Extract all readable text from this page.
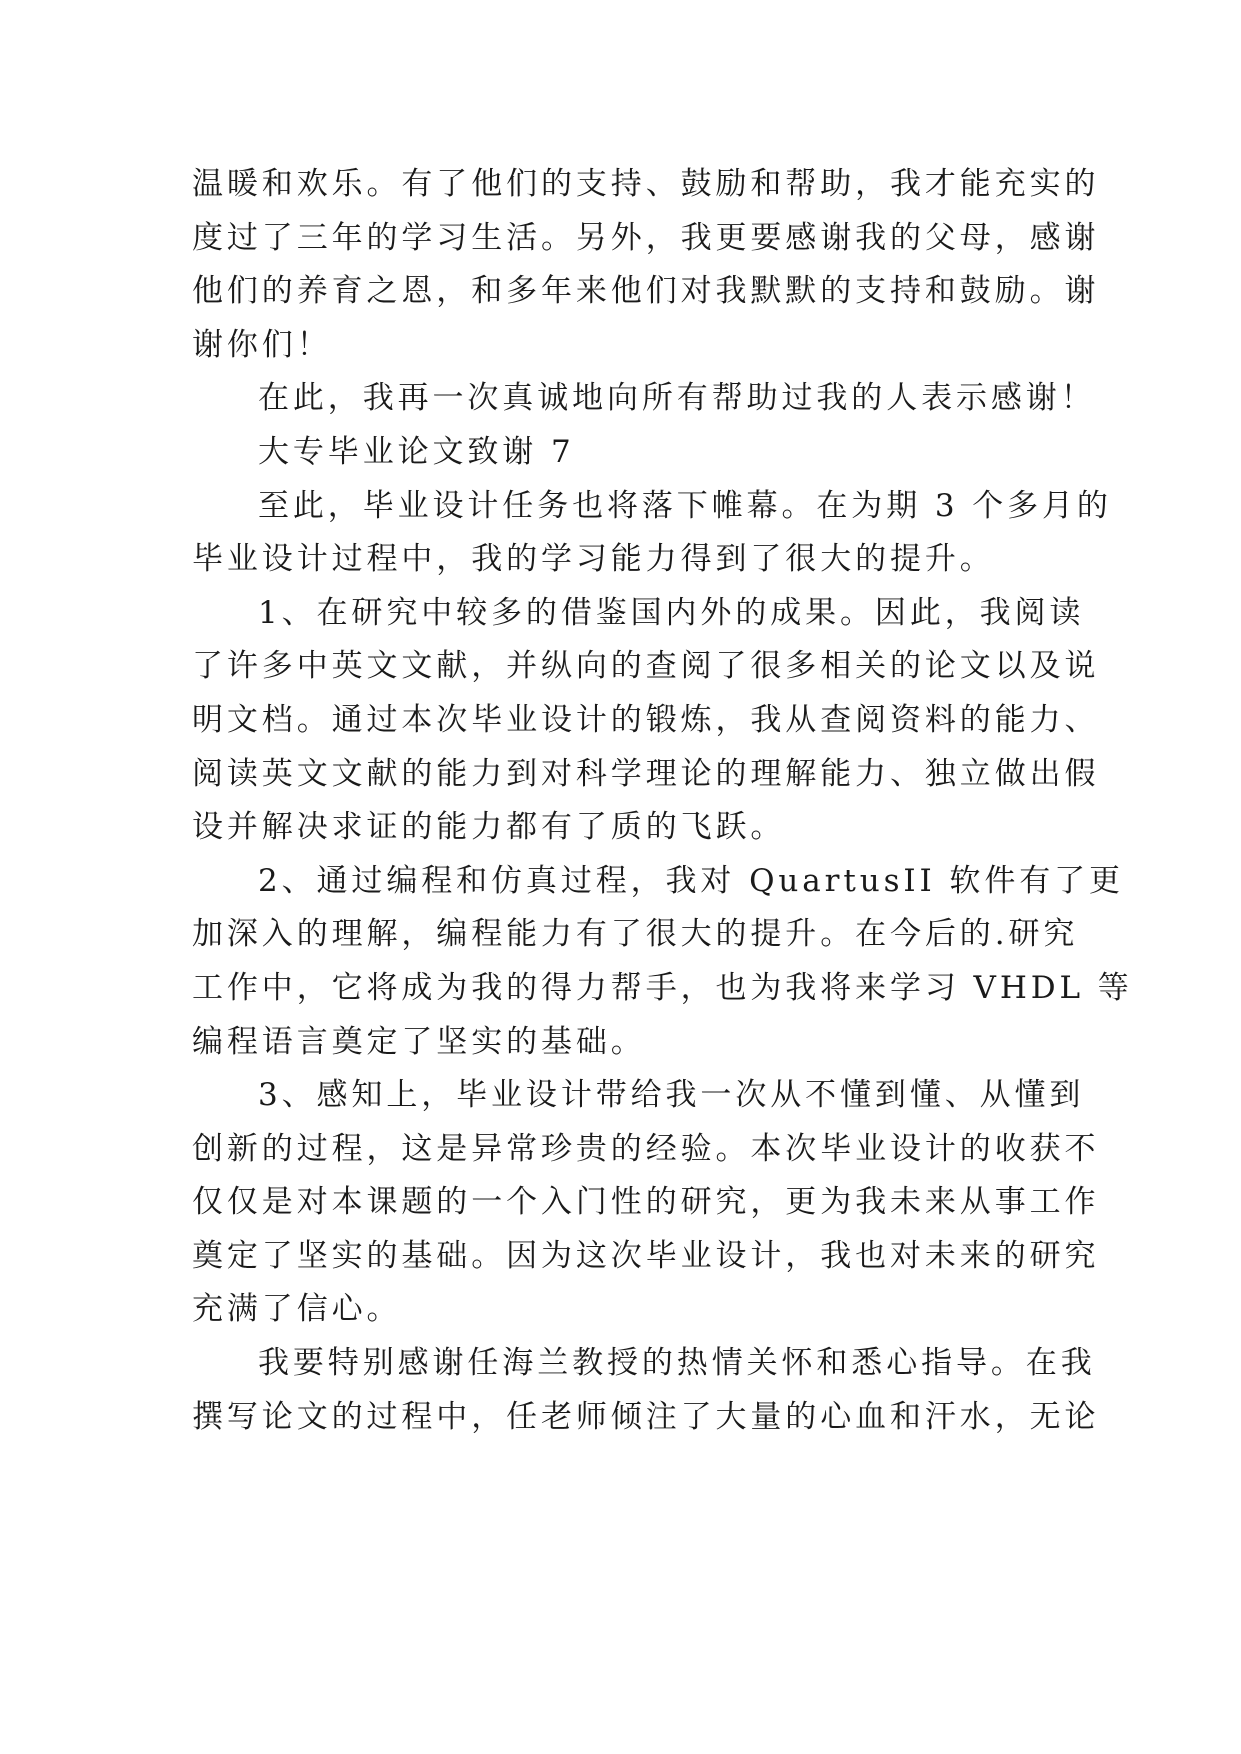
温暖和欢乐。有了他们的支持、鼓励和帮助，我才能充实的
度过了三年的学习生活。另外，我更要感谢我的父母，感谢
他们的养育之恩，和多年来他们对我默默的支持和鼓励。谢
谢你们！
在此，我再一次真诚地向所有帮助过我的人表示感谢！
大专毕业论文致谢 7
至此，毕业设计任务也将落下帷幕。在为期 3 个多月的
毕业设计过程中，我的学习能力得到了很大的提升。
1、在研究中较多的借鉴国内外的成果。因此，我阅读
了许多中英文文献，并纵向的查阅了很多相关的论文以及说
明文档。通过本次毕业设计的锻炼，我从查阅资料的能力、
阅读英文文献的能力到对科学理论的理解能力、独立做出假
设并解决求证的能力都有了质的飞跃。
2、通过编程和仿真过程，我对 QuartusII 软件有了更
加深入的理解，编程能力有了很大的提升。在今后的.研究
工作中，它将成为我的得力帮手，也为我将来学习 VHDL 等
编程语言奠定了坚实的基础。
3、感知上，毕业设计带给我一次从不懂到懂、从懂到
创新的过程，这是异常珍贵的经验。本次毕业设计的收获不
仅仅是对本课题的一个入门性的研究，更为我未来从事工作
奠定了坚实的基础。因为这次毕业设计，我也对未来的研究
充满了信心。
我要特别感谢任海兰教授的热情关怀和悉心指导。在我
撰写论文的过程中，任老师倾注了大量的心血和汗水，无论
